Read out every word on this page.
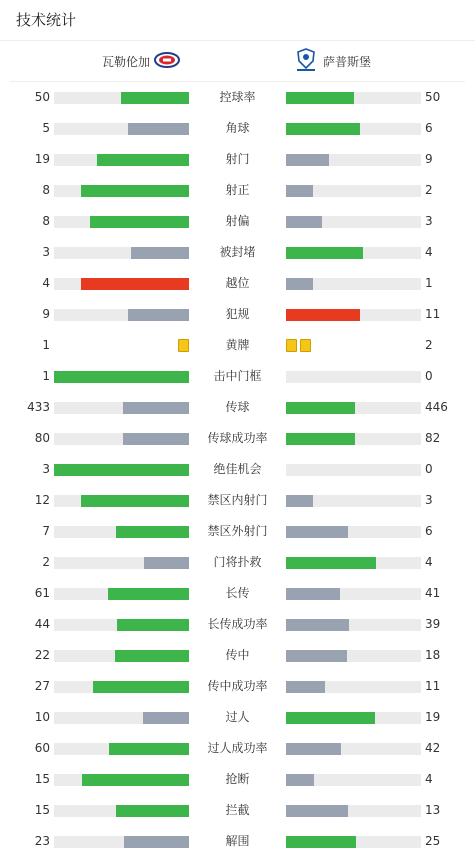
技术统计
瓦勒伦加	萨普斯堡
50	控球率	50
5	角球	6
19	射门	9
8	射正	2
8	射偏	3
3	被封堵	4
4	越位	1
9	犯规	11
1	黄牌	2
1	击中门框	0
433	传球	446
80	传球成功率	82
3	绝佳机会	0
12	禁区内射门	3
7	禁区外射门	6
2	门将扑救	4
61	长传	41
44	长传成功率	39
22	传中	18
27	传中成功率	11
10	过人	19
60	过人成功率	42
15	抢断	4
15	拦截	13
23	解围	25
